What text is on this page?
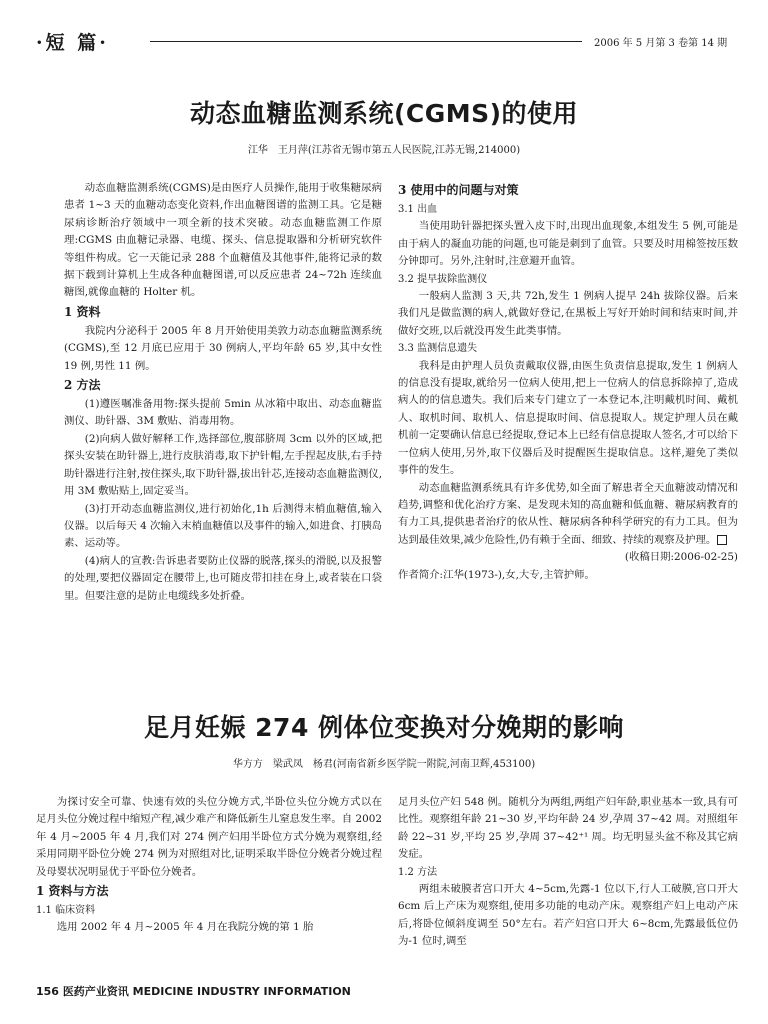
·短 篇·	2006 年 5 月第 3 卷第 14 期
动态血糖监测系统(CGMS)的使用
江华　王月萍(江苏省无锡市第五人民医院,江苏无锡,214000)

动态血糖监测系统(CGMS)是由医疗人员操作,能用于收集糖尿病患者 1~3 天的血糖动态变化资料,作出血糖图谱的监测工具。它是糖尿病诊断治疗领域中一项全新的技术突破。动态血糖监测工作原理:CGMS 由血糖记录器、电缆、探头、信息提取器和分析研究软件等组件构成。它一天能记录 288 个血糖值及其他事件,能将记录的数据下载到计算机上生成各种血糖图谱,可以反应患者 24~72h 连续血糖图,就像血糖的 Holter 机。

1 资料

我院内分泌科于 2005 年 8 月开始使用美敦力动态血糖监测系统(CGMS),至 12 月底已应用于 30 例病人,平均年龄 65 岁,其中女性 19 例,男性 11 例。

2 方法

(1)遵医嘱准备用物:探头提前 5min 从冰箱中取出、动态血糖监测仪、助针器、3M 敷贴、消毒用物。

(2)向病人做好解释工作,选择部位,腹部脐周 3cm 以外的区域,把探头安装在助针器上,进行皮肤消毒,取下护针帽,左手捏起皮肤,右手持助针器进行注射,按住探头,取下助针器,拔出针芯,连接动态血糖监测仪,用 3M 敷贴贴上,固定妥当。

(3)打开动态血糖监测仪,进行初始化,1h 后测得末梢血糖值,输入仪器。以后每天 4 次输入末梢血糖值以及事件的输入,如进食、打胰岛素、运动等。

(4)病人的宣教:告诉患者要防止仪器的脱落,探头的滑脱,以及报警的处理,要把仪器固定在腰带上,也可随皮带扣挂在身上,或者装在口袋里。但要注意的是防止电缆线多处折叠。

3 使用中的问题与对策

3.1 出血

当使用助针器把探头置入皮下时,出现出血现象,本组发生 5 例,可能是由于病人的凝血功能的问题,也可能是刺到了血管。只要及时用棉签按压数分钟即可。另外,注射时,注意避开血管。

3.2 提早拔除监测仪

一般病人监测 3 天,共 72h,发生 1 例病人提早 24h 拔除仪器。后来我们凡是做监测的病人,就做好登记,在黑板上写好开始时间和结束时间,并做好交班,以后就没再发生此类事情。

3.3 监测信息遗失

我科是由护理人员负责戴取仪器,由医生负责信息提取,发生 1 例病人的信息没有提取,就给另一位病人使用,把上一位病人的信息拆除掉了,造成病人的的信息遗失。我们后来专门建立了一本登记本,注明戴机时间、戴机人、取机时间、取机人、信息提取时间、信息提取人。规定护理人员在戴机前一定要确认信息已经提取,登记本上已经有信息提取人签名,才可以给下一位病人使用,另外,取下仪器后及时提醒医生提取信息。这样,避免了类似事件的发生。

动态血糖监测系统具有许多优势,如全面了解患者全天血糖波动情况和趋势,调整和优化治疗方案、是发现未知的高血糖和低血糖、糖尿病教育的有力工具,提供患者治疗的依从性、糖尿病各种科学研究的有力工具。但为达到最佳效果,减少危险性,仍有赖于全面、细致、持续的观察及护理。

(收稿日期:2006-02-25)

作者简介:江华(1973-),女,大专,主管护师。

足月妊娠 274 例体位变换对分娩期的影响
华方方　梁武凤　杨君(河南省新乡医学院一附院,河南卫辉,453100)

为探讨安全可靠、快速有效的头位分娩方式,半卧位头位分娩方式以在足月头位分娩过程中缩短产程,减少难产和降低新生儿窒息发生率。自 2002 年 4 月~2005 年 4 月,我们对 274 例产妇用半卧位方式分娩为观察组,经采用同期平卧位分娩 274 例为对照组对比,证明采取半卧位分娩者分娩过程及母婴状况明显优于平卧位分娩者。

1 资料与方法

1.1 临床资料

选用 2002 年 4 月~2005 年 4 月在我院分娩的第 1 胎

足月头位产妇 548 例。随机分为两组,两组产妇年龄,职业基本一致,具有可比性。观察组年龄 21~30 岁,平均年龄 24 岁,孕周 37~42 周。对照组年龄 22~31 岁,平均 25 岁,孕周 37~42⁺¹ 周。均无明显头盆不称及其它病发症。

1.2 方法

两组未破膜者宫口开大 4~5cm,先露-1 位以下,行人工破膜,宫口开大 6cm 后上产床为观察组,使用多功能的电动产床。观察组产妇上电动产床后,将卧位倾斜度调至 50°左右。若产妇宫口开大 6~8cm,先露最低位仍为-1 位时,调至

156 医药产业资讯 MEDICINE INDUSTRY INFORMATION
